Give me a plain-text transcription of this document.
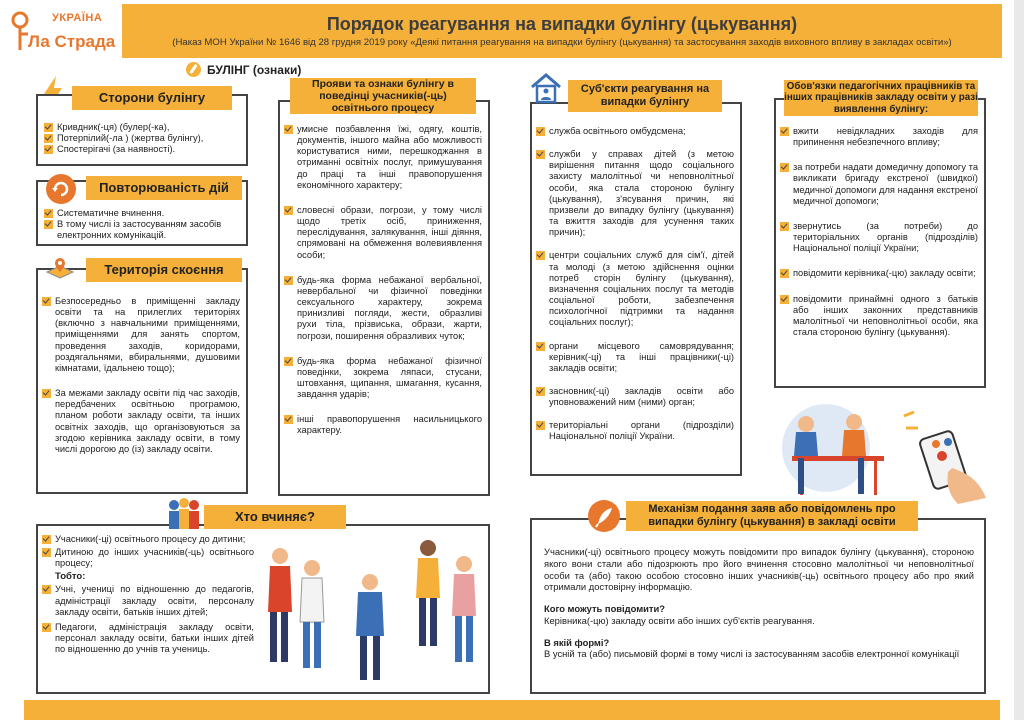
УКРАЇНА
Ла Страда
Порядок реагування на випадки булінгу (цькування)
(Наказ МОН України № 1646 від 28 грудня 2019 року «Деякі питання реагування на випадки булінгу (цькування) та застосування заходів виховного впливу в закладах освіти»)
БУЛІНГ (ознаки)
Кривдник(-ця) (булер(-ка),
Потерпілий(-ла ) (жертва булінгу),
Спостерігачі (за наявності).
Сторони булінгу
Систематичне вчинення.
В тому числі із застосуванням засобів електронних комунікацій.
Повторюваність дій
Безпосередньо в приміщенні закладу освіти та на прилеглих територіях (включно з навчальними приміщеннями, приміщеннями для занять спортом, проведення заходів, коридорами, роздягальнями, вбиральнями, душовими кімнатами, їдальнею тощо);
За межами закладу освіти під час заходів, передбачених освітньою програмою, планом роботи закладу освіти, та інших освітніх заходів, що організовуються за згодою керівника закладу освіти, в тому числі дорогою до (із) закладу освіти.
Територія скоєння
умисне позбавлення їжі, одягу, коштів, документів, іншого майна або можливості користуватися ними, перешкоджання в отриманні освітніх послуг, примушування до праці та інші правопорушення економічного характеру;
словесні образи, погрози, у тому числі щодо третіх осіб, приниження, переслідування, залякування, інші діяння, спрямовані на обмеження волевиявлення особи;
будь-яка форма небажаної вербальної, невербальної чи фізичної поведінки сексуального характеру, зокрема принизливі погляди, жести, образливі рухи тіла, прізвиська, образи, жарти, погрози, поширення образливих чуток;
будь-яка форма небажаної фізичної поведінки, зокрема ляпаси, стусани, штовхання, щипання, шмагання, кусання, завдання ударів;
інші правопорушення насильницького характеру.
Прояви та ознаки булінгу в поведінці учасників(-ць) освітнього процесу
служба освітнього омбудсмена;
служби у справах дітей (з метою вирішення питання щодо соціального захисту малолітньої чи неповнолітньої особи, яка стала стороною булінгу (цькування), з'ясування причин, які призвели до випадку булінгу (цькування) та вжиття заходів для усунення таких причин);
центри соціальних служб для сім'ї, дітей та молоді (з метою здійснення оцінки потреб сторін булінгу (цькування), визначення соціальних послуг та методів соціальної роботи, забезпечення психологічної підтримки та надання соціальних послуг);
органи місцевого самоврядування; керівник(-ці) та інші працівники(-ці) закладів освіти;
засновник(-ці) закладів освіти або уповноважений ним (ними) орган;
територіальні органи (підрозділи) Національної поліції України.
Суб'єкти реагування на випадки булінгу
вжити невідкладних заходів для припинення небезпечного впливу;
за потреби надати домедичну допомогу та викликати бригаду екстреної (швидкої) медичної допомоги для надання екстреної медичної допомоги;
звернутись (за потреби) до територіальних органів (підрозділів) Національної поліції України;
повідомити керівника(-цю) закладу освіти;
повідомити принаймні одного з батьків або інших законних представників малолітньої чи неповнолітньої особи, яка стала стороною булінгу (цькування).
Обов'язки педагогічних працівників та інших працівників закладу освіти у разі виявлення булінгу:
Учасники(-ці) освітнього процесу до дитини;
Дитиною до інших учасників(-ць) освітнього процесу;
Тобто:
Учні, учениці по відношенню до педагогів, адміністрації закладу освіти, персоналу закладу освіти, батьків інших дітей;
Педагоги, адміністрація закладу освіти, персонал закладу освіти, батьки інших дітей по відношенню до учнів та учениць.
Хто вчиняє?

Учасники(-ці) освітнього процесу можуть повідомити про випадок булінгу (цькування), стороною якого вони стали або підозрюють про його вчинення стосовно малолітньої чи неповнолітньої особи та (або) такою особою стосовно інших учасників(-ць) освітнього процесу або про який отримали достовірну інформацію.

Кого можуть повідомити?

Керівника(-цю) закладу освіти або інших суб'єктів реагування.

В якій формі?

В усній та (або) письмовій формі в тому числі із застосуванням засобів електронної комунікації

Механізм подання заяв або повідомлень про випадки булінгу (цькування) в закладі освіти
